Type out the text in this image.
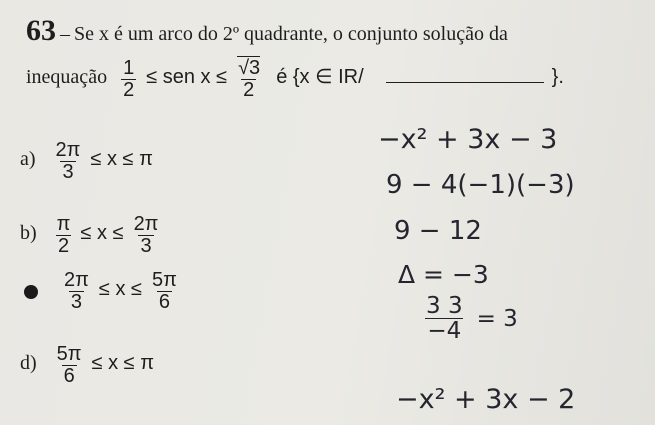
63 – Se x é um arco do 2º quadrante, o conjunto solução da
inequação $\frac{1}{2}$ ≤ sen $x \le \frac{√3}{2}$ é {x ∈ IR/	}.
$a) \frac{2\pi}{3} \le x \le \pi$
$b) \frac{\pi}{2} \le x \le \frac{2\pi}{3}$

$\frac{2\pi}{3} \le x \le \frac{5\pi}{6}$
$d) \frac{5\pi}{6} \le x \le \pi$
−x² + 3x − 3
9 − 4(−1)(−3)
9 − 12
Δ = −3
$\frac{3 3}{-4} = 3$
−x² + 3x − 2
